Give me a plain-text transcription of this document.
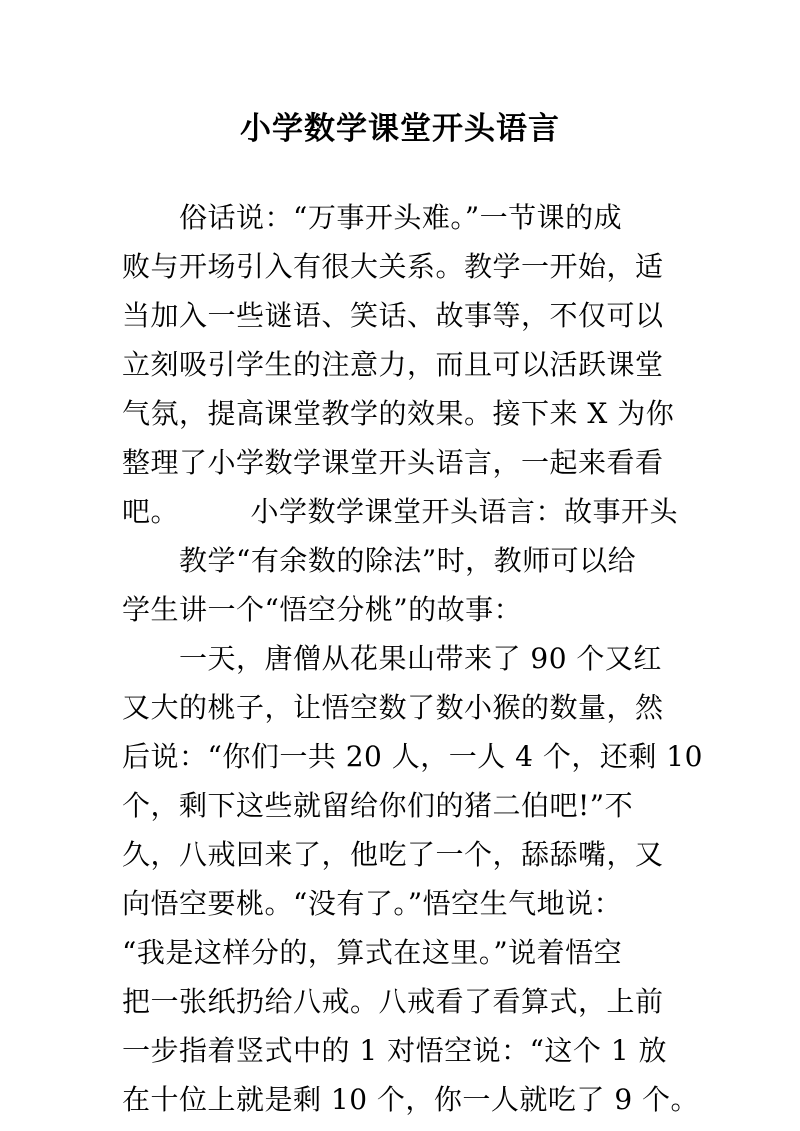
小学数学课堂开头语言
　　俗话说：“万事开头难。”一节课的成
败与开场引入有很大关系。教学一开始，适
当加入一些谜语、笑话、故事等，不仅可以
立刻吸引学生的注意力，而且可以活跃课堂
气氛，提高课堂教学的效果。接下来 X 为你
整理了小学数学课堂开头语言，一起来看看
吧。　　　小学数学课堂开头语言：故事开头
　　教学“有余数的除法”时，教师可以给
学生讲一个“悟空分桃”的故事：
　　一天，唐僧从花果山带来了 90 个又红
又大的桃子，让悟空数了数小猴的数量，然
后说：“你们一共 20 人，一人 4 个，还剩 10
个，剩下这些就留给你们的猪二伯吧!”不
久，八戒回来了，他吃了一个，舔舔嘴，又
向悟空要桃。“没有了。”悟空生气地说：
“我是这样分的，算式在这里。”说着悟空
把一张纸扔给八戒。八戒看了看算式，上前
一步指着竖式中的 1 对悟空说：“这个 1 放
在十位上就是剩 10 个，你一人就吃了 9 个。
